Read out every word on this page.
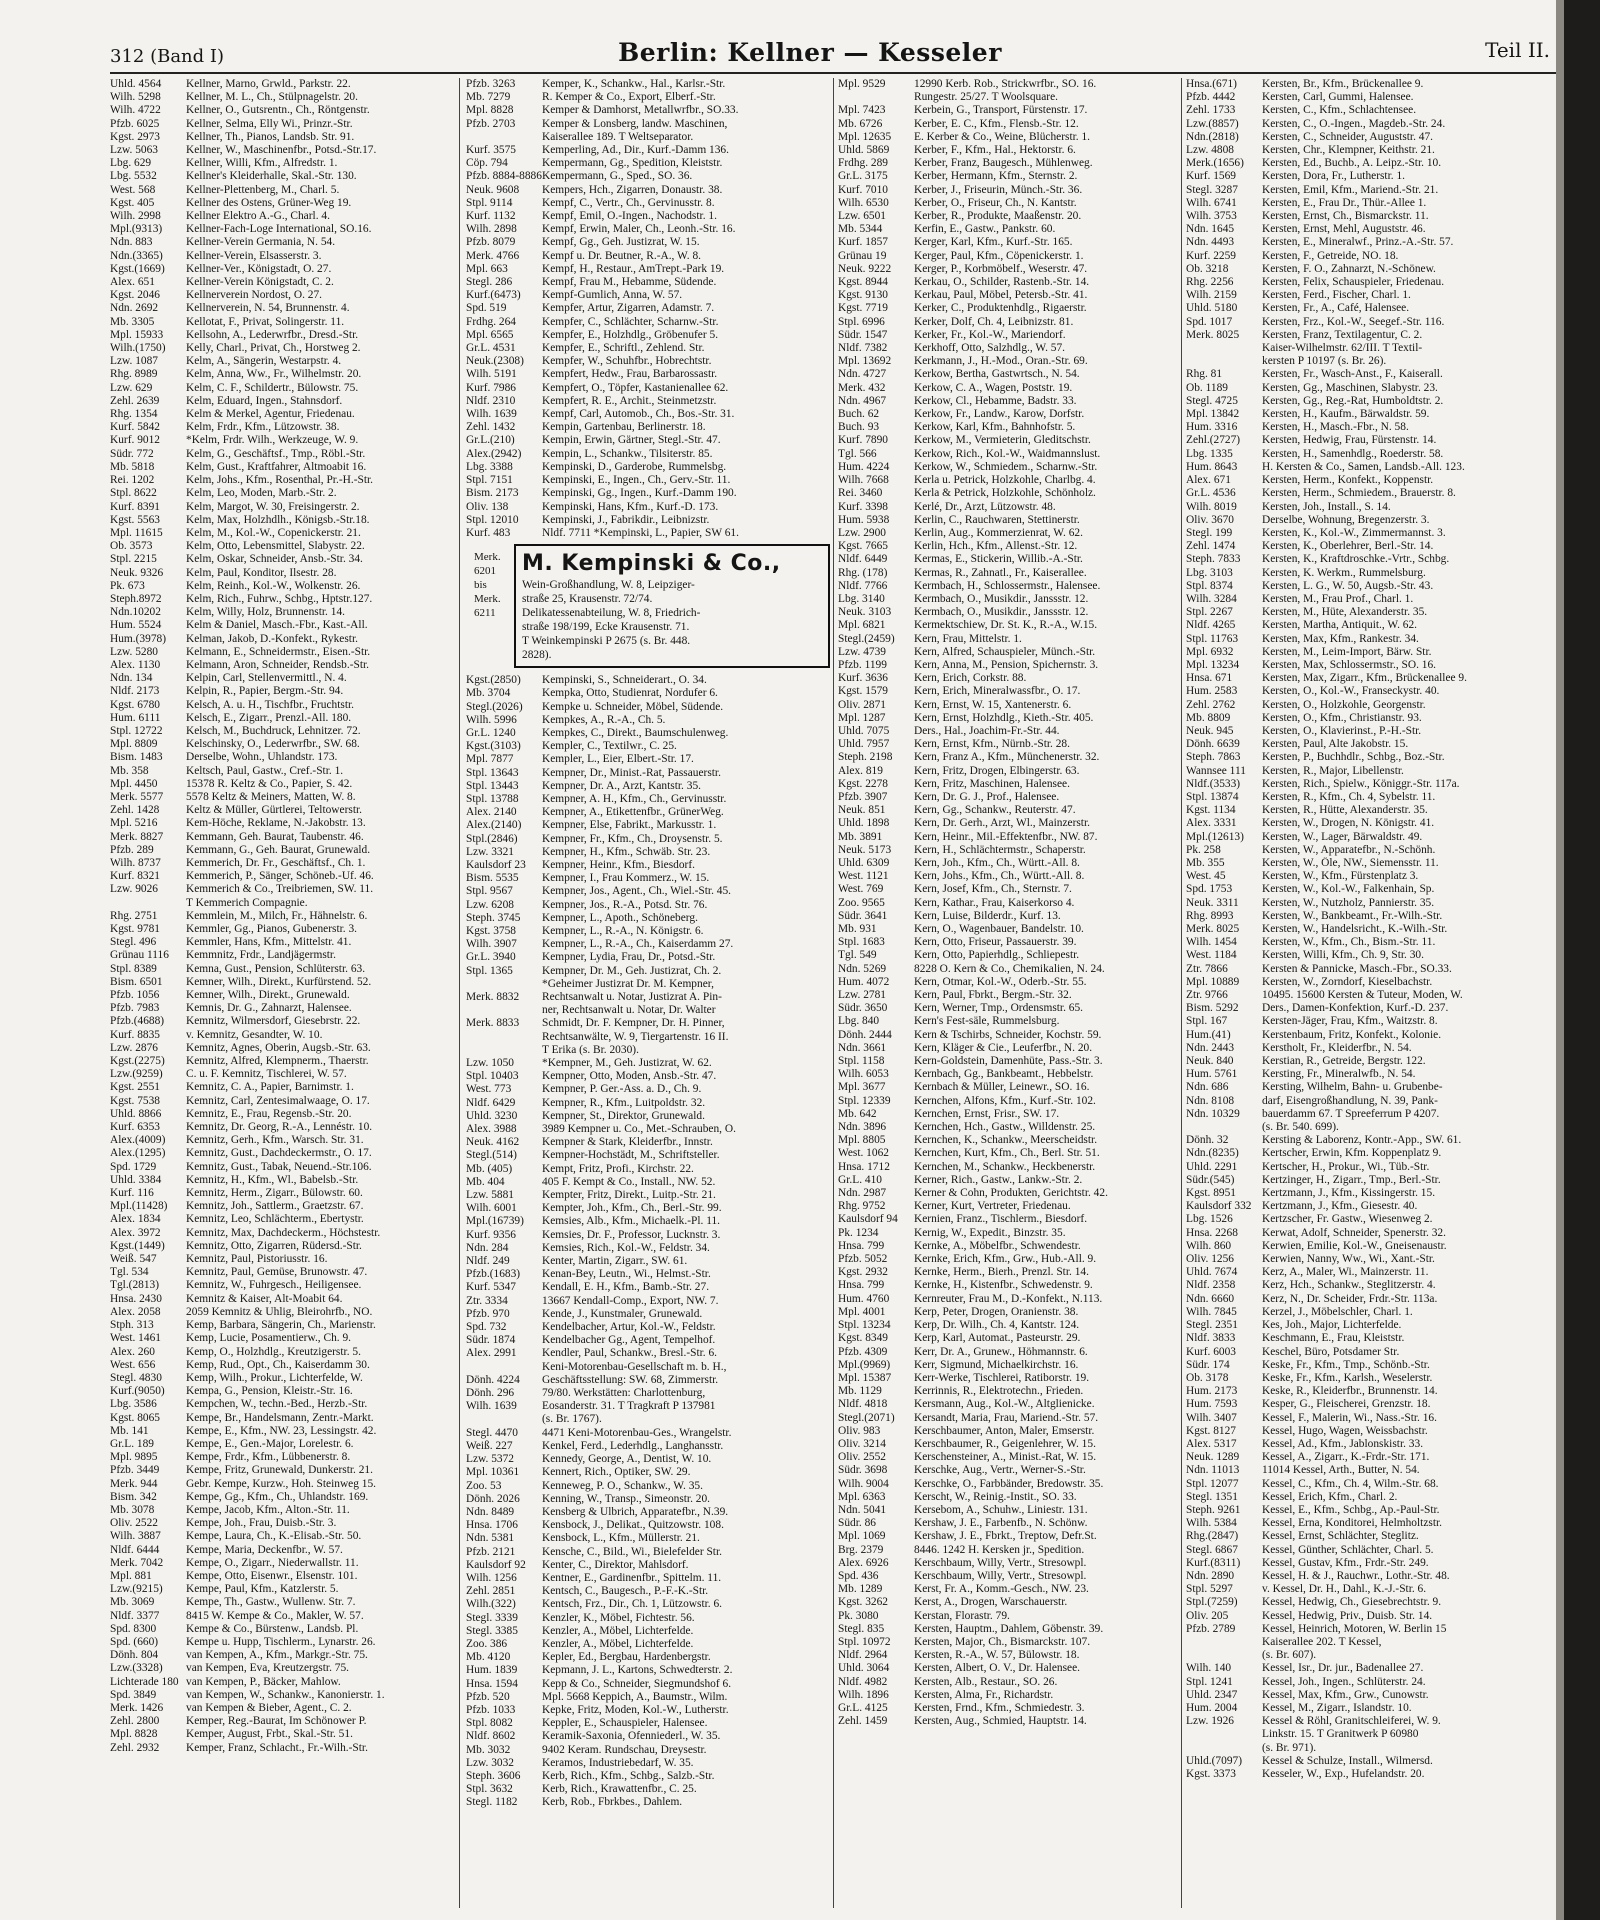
312 (Band I)	Berlin: Kellner — Kesseler	Teil II.
Uhld. 4564 Kellner, Marno, Grwld., Parkstr. 22.
Wilh. 5298 Kellner, M. L., Ch., Stülpnagelstr. 20.
Wilh. 4722 Kellner, O., Gutsrentn., Ch., Röntgenstr.
Pfzb. 6025 Kellner, Selma, Elly Wi., Prinzr.-Str.
Kgst. 2973 Kellner, Th., Pianos, Landsb. Str. 91.
Lzw. 5063 Kellner, W., Maschinenfbr., Potsd.-Str.17.
Lbg. 629	Kellner, Willi, Kfm., Alfredstr. 1.
Lbg. 5532	Kellner's Kleiderhalle, Skal.-Str. 130.
West. 568	Kellner-Plettenberg, M., Charl. 5.
Kgst. 405	Kellner des Ostens, Grüner-Weg 19.
Wilh. 2998 Kellner Elektro A.-G., Charl. 4.
Mpl.(9313) Kellner-Fach-Loge International, SO.16.
Ndn. 883	Kellner-Verein Germania, N. 54.
Ndn.(3365) Kellner-Verein, Elsasserstr. 3.
Kgst.(1669) Kellner-Ver., Königstadt, O. 27.
Alex. 651	Kellner-Verein Königstadt, C. 2.
Kgst. 2046 Kellnerverein Nordost, O. 27.
Ndn. 2692 Kellnerverein, N. 54, Brunnenstr. 4.
Mb. 3305	Kellotat, F., Privat, Solingerstr. 11.
Mpl. 15933 Kellsohn, A., Lederwrfbr., Dresd.-Str.
Wilh.(1750) Kelly, Charl., Privat, Ch., Horstweg 2.
Lzw. 1087 Kelm, A., Sängerin, Westarpstr. 4.
Rhg. 8989	Kelm, Anna, Ww., Fr., Wilhelmstr. 20.
Lzw. 629	Kelm, C. F., Schildertr., Bülowstr. 75.
Zehl. 2639 Kelm, Eduard, Ingen., Stahnsdorf.
Rhg. 1354	Kelm & Merkel, Agentur, Friedenau.
Kurf. 5842 Kelm, Frdr., Kfm., Lützowstr. 38.
Kurf. 9012 *Kelm, Frdr. Wilh., Werkzeuge, W. 9.
Südr. 772	Kelm, G., Geschäftsf., Tmp., Röbl.-Str.
Mb. 5818	Kelm, Gust., Kraftfahrer, Altmoabit 16.
Rei. 1202	Kelm, Johs., Kfm., Rosenthal, Pr.-H.-Str.
Stpl. 8622	Kelm, Leo, Moden, Marb.-Str. 2.
Kurf. 8391 Kelm, Margot, W. 30, Freisingerstr. 2.
Kgst. 5563 Kelm, Max, Holzhdlh., Königsb.-Str.18.
Mpl. 11615 Kelm, M., Kol.-W., Copenickerstr. 21.
Ob. 3573	Kelm, Otto, Lebensmittel, Slabystr. 22.
Stpl. 2215	Kelm, Oskar, Schneider, Ansb.-Str. 34.
Neuk. 9326 Kelm, Paul, Konditor, Ilsestr. 28.
Pk. 673	Kelm, Reinh., Kol.-W., Wolkenstr. 26.
Steph.8972 Kelm, Rich., Fuhrw., Schbg., Hptstr.127.
Ndn.10202 Kelm, Willy, Holz, Brunnenstr. 14.
Hum. 5524 Kelm & Daniel, Masch.-Fbr., Kast.-All.
Hum.(3978) Kelman, Jakob, D.-Konfekt., Rykestr.
Lzw. 5280 Kelmann, E., Schneidermstr., Eisen.-Str.
Alex. 1130 Kelmann, Aron, Schneider, Rendsb.-Str.
Ndn. 134	Kelpin, Carl, Stellenvermittl., N. 4.
Nldf. 2173 Kelpin, R., Papier, Bergm.-Str. 94.
Kgst. 6780 Kelsch, A. u. H., Tischfbr., Fruchtstr.
Hum. 6111 Kelsch, E., Zigarr., Prenzl.-All. 180.
Stpl. 12722 Kelsch, M., Buchdruck, Lehnitzer. 72.
Mpl. 8809	Kelschinsky, O., Lederwrfbr., SW. 68.
Bism. 1483 Derselbe, Wohn., Uhlandstr. 173.
Mb. 358	Keltsch, Paul, Gastw., Cref.-Str. 1.
Mpl. 4450	15378 R. Keltz & Co., Papier, S. 42.
Merk. 5577 5578 Keltz & Meiners, Matten, W. 8.
Zehl. 1428 Keltz & Müller, Gürtlerei, Teltowerstr.
Mpl. 5216	Kem-Höche, Reklame, N.-Jakobstr. 13.
Merk. 8827 Kemmann, Geh. Baurat, Taubenstr. 46.
Pfzb. 289	Kemmann, G., Geh. Baurat, Grunewald.
Wilh. 8737 Kemmerich, Dr. Fr., Geschäftsf., Ch. 1.
Kurf. 8321 Kemmerich, P., Sänger, Schöneb.-Uf. 46.
Lzw. 9026 Kemmerich & Co., Treibriemen, SW. 11.
T Kemmerich Compagnie.
Rhg. 2751	Kemmlein, M., Milch, Fr., Hähnelstr. 6.
Kgst. 9781 Kemmler, Gg., Pianos, Gubenerstr. 3.
Stegl. 496	Kemmler, Hans, Kfm., Mittelstr. 41.
Grünau 1116 Kemmnitz, Frdr., Landjägermstr.
Stpl. 8389	Kemna, Gust., Pension, Schlüterstr. 63.
Bism. 6501 Kemner, Wilh., Direkt., Kurfürstend. 52.
Pfzb. 1056 Kemner, Wilh., Direkt., Grunewald.
Pfzb. 7983 Kemnis, Dr. G., Zahnarzt, Halensee.
Pfzb.(4688) Kemnitz, Wilmersdorf, Giesebrstr. 22.
Kurf. 8835 v. Kemnitz, Gesandter, W. 10.
Lzw. 2876 Kemnitz, Agnes, Oberin, Augsb.-Str. 63.
Kgst.(2275) Kemnitz, Alfred, Klempnerm., Thaerstr.
Lzw.(9259) C. u. F. Kemnitz, Tischlerei, W. 57.
Kgst. 2551 Kemnitz, C. A., Papier, Barnimstr. 1.
Kgst. 7538 Kemnitz, Carl, Zentesimalwaage, O. 17.
Uhld. 8866 Kemnitz, E., Frau, Regensb.-Str. 20.
Kurf. 6353 Kemnitz, Dr. Georg, R.-A., Lennéstr. 10.
Alex.(4009) Kemnitz, Gerh., Kfm., Warsch. Str. 31.
Alex.(1295) Kemnitz, Gust., Dachdeckermstr., O. 17.
Spd. 1729	Kemnitz, Gust., Tabak, Neuend.-Str.106.
Uhld. 3384 Kemnitz, H., Kfm., Wl., Babelsb.-Str.
Kurf. 116	Kemnitz, Herm., Zigarr., Bülowstr. 60.
Mpl.(11428) Kemnitz, Joh., Sattlerm., Graetzstr. 67.
Alex. 1834 Kemnitz, Leo, Schlächterm., Ebertystr.
Alex. 3972 Kemnitz, Max, Dachdeckerm., Höchstestr.
Kgst.(1449) Kemnitz, Otto, Zigarren, Rüdersd.-Str.
Weiß. 547	Kemnitz, Paul, Pistoriusstr. 16.
Tgl. 534	Kemnitz, Paul, Gemüse, Brunowstr. 47.
Tgl.(2813) Kemnitz, W., Fuhrgesch., Heiligensee.
Hnsa. 2430 Kemnitz & Kaiser, Alt-Moabit 64.
Alex. 2058 2059 Kemnitz & Uhlig, Bleirohrfb., NO.
Stph. 313	Kemp, Barbara, Sängerin, Ch., Marienstr.
West. 1461 Kemp, Lucie, Posamentierw., Ch. 9.
Alex. 260	Kemp, O., Holzhdlg., Kreutzigerstr. 5.
West. 656	Kemp, Rud., Opt., Ch., Kaiserdamm 30.
Stegl. 4830 Kemp, Wilh., Prokur., Lichterfelde, W.
Kurf.(9050) Kempa, G., Pension, Kleistr.-Str. 16.
Lbg. 3586	Kempchen, W., techn.-Bed., Herzb.-Str.
Kgst. 8065 Kempe, Br., Handelsmann, Zentr.-Markt.
Mb. 141	Kempe, E., Kfm., NW. 23, Lessingstr. 42.
Gr.L. 189	Kempe, E., Gen.-Major, Lorelestr. 6.
Mpl. 9895	Kempe, Frdr., Kfm., Lübbenerstr. 8.
Pfzb. 3449 Kempe, Fritz, Grunewald, Dunkerstr. 21.
Merk. 944	Gebr. Kempe, Kurzw., Hoh. Steinweg 15.
Bism. 342	Kempe, Gg., Kfm., Ch., Uhlandstr. 169.
Mb. 3078	Kempe, Jacob, Kfm., Alton.-Str. 11.
Oliv. 2522 Kempe, Joh., Frau, Duisb.-Str. 3.
Wilh. 3887 Kempe, Laura, Ch., K.-Elisab.-Str. 50.
Nldf. 6444 Kempe, Maria, Deckenfbr., W. 57.
Merk. 7042 Kempe, O., Zigarr., Niederwallstr. 11.
Mpl. 881	Kempe, Otto, Eisenwr., Elsenstr. 101.
Lzw.(9215) Kempe, Paul, Kfm., Katzlerstr. 5.
Mb. 3069	Kempe, Th., Gastw., Wullenw. Str. 7.
Nldf. 3377 8415 W. Kempe & Co., Makler, W. 57.
Spd. 8300	Kempe & Co., Bürstenw., Landsb. Pl.
Spd. (660) Kempe u. Hupp, Tischlerm., Lynarstr. 26.
Dönh. 804 van Kempen, A., Kfm., Markgr.-Str. 75.
Lzw.(3328) van Kempen, Eva, Kreutzergstr. 75.
Lichterade 180 van Kempen, P., Bäcker, Mahlow.
Spd. 3849	van Kempen, W., Schankw., Kanonierstr. 1.
Merk. 1426 van Kempen & Bieber, Agent., C. 2.
Zehl. 2800 Kemper, Reg.-Baurat, Im Schönower P.
Mpl. 8828	Kemper, August, Frbt., Skal.-Str. 51.
Zehl. 2932 Kemper, Franz, Schlacht., Fr.-Wilh.-Str.
Pfzb. 3263 Kemper, K., Schankw., Hal., Karlsr.-Str.
Mb. 7279	R. Kemper & Co., Export, Elberf.-Str.
Mpl. 8828	Kemper & Damhorst, Metallwrfbr., SO.33.
Pfzb. 2703 Kemper & Lonsberg, landw. Maschinen,
Kaiserallee 189. T Weltseparator.
Kurf. 3575 Kemperling, Ad., Dir., Kurf.-Damm 136.
Cöp. 794	Kempermann, Gg., Spedition, Kleiststr.
Pfzb. 8884-8886Kempermann, G., Sped., SO. 36.
Neuk. 9608 Kempers, Hch., Zigarren, Donaustr. 38.
Stpl. 9114	Kempf, C., Vertr., Ch., Gervinusstr. 8.
Kurf. 1132 Kempf, Emil, O.-Ingen., Nachodstr. 1.
Wilh. 2898 Kempf, Erwin, Maler, Ch., Leonh.-Str. 16.
Pfzb. 8079 Kempf, Gg., Geh. Justizrat, W. 15.
Merk. 4766 Kempf u. Dr. Beutner, R.-A., W. 8.
Mpl. 663	Kempf, H., Restaur., AmTrept.-Park 19.
Stegl. 286	Kempf, Frau M., Hebamme, Südende.
Kurf.(6473) Kempf-Gumlich, Anna, W. 57.
Spd. 519	Kempfer, Artur, Zigarren, Adamstr. 7.
Frdhg. 264 Kempfer, C., Schlächter, Scharnw.-Str.
Mpl. 6565	Kempfer, E., Holzhdlg., Gröbenufer 5.
Gr.L. 4531 Kempfer, E., Schriftl., Zehlend. Str.
Neuk.(2308) Kempfer, W., Schuhfbr., Hobrechtstr.
Wilh. 5191 Kempfert, Hedw., Frau, Barbarossastr.
Kurf. 7986 Kempfert, O., Töpfer, Kastanienallee 62.
Nldf. 2310 Kempfert, R. E., Archit., Steinmetzstr.
Wilh. 1639 Kempf, Carl, Automob., Ch., Bos.-Str. 31.
Zehl. 1432 Kempin, Gartenbau, Berlinerstr. 18.
Gr.L.(210) Kempin, Erwin, Gärtner, Stegl.-Str. 47.
Alex.(2942) Kempin, L., Schankw., Tilsiterstr. 85.
Lbg. 3388	Kempinski, D., Garderobe, Rummelsbg.
Stpl. 7151	Kempinski, E., Ingen., Ch., Gerv.-Str. 11.
Bism. 2173 Kempinski, Gg., Ingen., Kurf.-Damm 190.
Oliv. 138	Kempinski, Hans, Kfm., Kurf.-D. 173.
Stpl. 12010 Kempinski, J., Fabrikdir., Leibnizstr.
Kurf. 483	Nldf. 7711 *Kempinski, L., Papier, SW 61.
Merk. 6201
bis
Merk. 6211
M. Kempinski & Co.,
Wein-Großhandlung, W. 8, Leipziger-
straße 25, Krausenstr. 72/74.
Delikatessenabteilung, W. 8, Friedrich-
straße 198/199, Ecke Krausenstr. 71.
T Weinkempinski P 2675 (s. Br. 448.
2828).
Kgst.(2850) Kempinski, S., Schneiderart., O. 34.
Mb. 3704	Kempka, Otto, Studienrat, Nordufer 6.
Stegl.(2026) Kempke u. Schneider, Möbel, Südende.
Wilh. 5996 Kempkes, A., R.-A., Ch. 5.
Gr.L. 1240 Kempkes, C., Direkt., Baumschulenweg.
Kgst.(3103) Kempler, C., Textilwr., C. 25.
Mpl. 7877	Kempler, L., Eier, Elbert.-Str. 17.
Stpl. 13643 Kempner, Dr., Minist.-Rat, Passauerstr.
Stpl. 13443 Kempner, Dr. A., Arzt, Kantstr. 35.
Stpl. 13788 Kempner, A. H., Kfm., Ch., Gervinusstr.
Alex. 2140 Kempner, A., Etikettenfbr., GrünerWeg.
Alex.(2140) Kempner, Else, Fabrikt., Markusstr. 1.
Stpl.(2846) Kempner, Fr., Kfm., Ch., Droysenstr. 5.
Lzw. 3321 Kempner, H., Kfm., Schwäb. Str. 23.
Kaulsdorf 23 Kempner, Heinr., Kfm., Biesdorf.
Bism. 5535 Kempner, I., Frau Kommerz., W. 15.
Stpl. 9567	Kempner, Jos., Agent., Ch., Wiel.-Str. 45.
Lzw. 6208 Kempner, Jos., R.-A., Potsd. Str. 76.
Steph. 3745 Kempner, L., Apoth., Schöneberg.
Kgst. 3758 Kempner, L., R.-A., N. Königstr. 6.
Wilh. 3907 Kempner, L., R.-A., Ch., Kaiserdamm 27.
Gr.L. 3940 Kempner, Lydia, Frau, Dr., Potsd.-Str.
Stpl. 1365	Kempner, Dr. M., Geh. Justizrat, Ch. 2.
*Geheimer Justizrat Dr. M. Kempner,
Merk. 8832 Rechtsanwalt u. Notar, Justizrat A. Pin-
ner, Rechtsanwalt u. Notar, Dr. Walter
Merk. 8833 Schmidt, Dr. F. Kempner, Dr. H. Pinner,
Rechtsanwälte, W. 9, Tiergartenstr. 16 II.
T Erika (s. Br. 2030).
Lzw. 1050 *Kempner, M., Geh. Justizrat, W. 62.
Stpl. 10403 Kempner, Otto, Moden, Ansb.-Str. 47.
West. 773	Kempner, P. Ger.-Ass. a. D., Ch. 9.
Nldf. 6429 Kempner, R., Kfm., Luitpoldstr. 32.
Uhld. 3230 Kempner, St., Direktor, Grunewald.
Alex. 3988 3989 Kempner u. Co., Met.-Schrauben, O.
Neuk. 4162 Kempner & Stark, Kleiderfbr., Innstr.
Stegl.(514) Kempner-Hochstädt, M., Schriftsteller.
Mb. (405)	Kempt, Fritz, Profi., Kirchstr. 22.
Mb. 404	405 F. Kempt & Co., Install., NW. 52.
Lzw. 5881 Kempter, Fritz, Direkt., Luitp.-Str. 21.
Wilh. 6001 Kempter, Joh., Kfm., Ch., Berl.-Str. 99.
Mpl.(16739) Kemsies, Alb., Kfm., Michaelk.-Pl. 11.
Kurf. 9356 Kemsies, Dr. F., Professor, Lucknstr. 3.
Ndn. 284	Kemsies, Rich., Kol.-W., Feldstr. 34.
Nldf. 249	Kenter, Martin, Zigarr., SW. 61.
Pfzb.(1683) Kenan-Bey, Leutn., Wi., Helmst.-Str.
Kurf. 5347 Kendall, E. H., Kfm., Bamb.-Str. 27.
Ztr. 3334	13667 Kendall-Comp., Export, NW. 7.
Pfzb. 970	Kende, J., Kunstmaler, Grunewald.
Spd. 732	Kendelbacher, Artur, Kol.-W., Feldstr.
Südr. 1874 Kendelbacher Gg., Agent, Tempelhof.
Alex. 2991 Kendler, Paul, Schankw., Bresl.-Str. 6.
Keni-Motorenbau-Gesellschaft m. b. H.,
Dönh. 4224 Geschäftsstellung: SW. 68, Zimmerstr.
Dönh. 296 79/80. Werkstätten: Charlottenburg,
Wilh. 1639 Eosanderstr. 31. T Tragkraft P 137981
(s. Br. 1767).
Stegl. 4470 4471 Keni-Motorenbau-Ges., Wrangelstr.
Weiß. 227	Kenkel, Ferd., Lederhdlg., Langhansstr.
Lzw. 5372 Kennedy, George, A., Dentist, W. 10.
Mpl. 10361 Kennert, Rich., Optiker, SW. 29.
Zoo. 53	Kenneweg, P. O., Schankw., W. 35.
Dönh. 2026 Kenning, W., Transp., Simeonstr. 20.
Ndn. 8489 Kensberg & Ulbrich, Apparatefbr., N.39.
Hnsa. 1706 Kensbock, J., Delikat., Quitzowstr. 108.
Ndn. 5381 Kensbock, L., Kfm., Müllerstr. 21.
Pfzb. 2121 Kensche, C., Bild., Wi., Bielefelder Str.
Kaulsdorf 92 Kenter, C., Direktor, Mahlsdorf.
Wilh. 1256 Kentner, E., Gardinenfbr., Spittelm. 11.
Zehl. 2851 Kentsch, C., Baugesch., P.-F.-K.-Str.
Wilh.(322) Kentsch, Frz., Dir., Ch. 1, Lützowstr. 6.
Stegl. 3339 Kenzler, K., Möbel, Fichtestr. 56.
Stegl. 3385 Kenzler, A., Möbel, Lichterfelde.
Zoo. 386	Kenzler, A., Möbel, Lichterfelde.
Mb. 4120	Kepler, Ed., Bergbau, Hardenbergstr.
Hum. 1839 Kepmann, J. L., Kartons, Schwedterstr. 2.
Hnsa. 1594 Kepp & Co., Schneider, Siegmundshof 6.
Pfzb. 520	Mpl. 5668 Keppich, A., Baumstr., Wilm.
Pfzb. 1033 Kepke, Fritz, Moden, Kol.-W., Lutherstr.
Stpl. 8082	Keppler, E., Schauspieler, Halensee.
Nldf. 8602 Keramik-Saxonia, Ofenniederl., W. 35.
Mb. 3032	9402 Keram. Rundschau, Dreysestr.
Lzw. 3032 Keramos, Industriebedarf, W. 35.
Steph. 3606 Kerb, Rich., Kfm., Schbg., Salzb.-Str.
Stpl. 3632	Kerb, Rich., Krawattenfbr., C. 25.
Stegl. 1182 Kerb, Rob., Fbrkbes., Dahlem.
Mpl. 9529	12990 Kerb. Rob., Strickwrfbr., SO. 16.
Rungestr. 25/27. T Woolsquare.
Mpl. 7423	Kerbein, G., Transport, Fürstenstr. 17.
Mb. 6726	Kerber, E. C., Kfm., Flensb.-Str. 12.
Mpl. 12635 E. Kerber & Co., Weine, Blücherstr. 1.
Uhld. 5869 Kerber, F., Kfm., Hal., Hektorstr. 6.
Frdhg. 289 Kerber, Franz, Baugesch., Mühlenweg.
Gr.L. 3175 Kerber, Hermann, Kfm., Sternstr. 2.
Kurf. 7010 Kerber, J., Friseurin, Münch.-Str. 36.
Wilh. 6530 Kerber, O., Friseur, Ch., N. Kantstr.
Lzw. 6501 Kerber, R., Produkte, Maaßenstr. 20.
Mb. 5344	Kerfin, E., Gastw., Pankstr. 60.
Kurf. 1857 Kerger, Karl, Kfm., Kurf.-Str. 165.
Grünau 19 Kerger, Paul, Kfm., Cöpenickerstr. 1.
Neuk. 9222 Kerger, P., Korbmöbelf., Weserstr. 47.
Kgst. 8944 Kerkau, O., Schilder, Rastenb.-Str. 14.
Kgst. 9130 Kerkau, Paul, Möbel, Petersb.-Str. 41.
Kgst. 7719 Kerker, C., Produktenhdlg., Rigaerstr.
Stpl. 6996	Kerker, Dolf, Ch. 4, Leibnizstr. 81.
Südr. 1547 Kerker, Fr., Kol.-W., Mariendorf.
Nldf. 7382 Kerkhoff, Otto, Salzhdlg., W. 57.
Mpl. 13692 Kerkmann, J., H.-Mod., Oran.-Str. 69.
Ndn. 4727 Kerkow, Bertha, Gastwrtsch., N. 54.
Merk. 432	Kerkow, C. A., Wagen, Poststr. 19.
Ndn. 4967 Kerkow, Cl., Hebamme, Badstr. 33.
Buch. 62	Kerkow, Fr., Landw., Karow, Dorfstr.
Buch. 93	Kerkow, Karl, Kfm., Bahnhofstr. 5.
Kurf. 7890 Kerkow, M., Vermieterin, Gleditschstr.
Tgl. 566	Kerkow, Rich., Kol.-W., Waidmannslust.
Hum. 4224 Kerkow, W., Schmiedem., Scharnw.-Str.
Wilh. 7668 Kerla u. Petrick, Holzkohle, Charlbg. 4.
Rei. 3460	Kerla & Petrick, Holzkohle, Schönholz.
Kurf. 3398 Kerlé, Dr., Arzt, Lützowstr. 48.
Hum. 5938 Kerlin, C., Rauchwaren, Stettinerstr.
Lzw. 2900 Kerlin, Aug., Kommerzienrat, W. 62.
Kgst. 7665 Kerlin, Hch., Kfm., Allenst.-Str. 12.
Nldf. 6449 Kermas, E., Stickerin, Willib.-A.-Str.
Rhg. (178) Kermas, R., Zahnatl., Fr., Kaiserallee.
Nldf. 7766 Kermbach, H., Schlossermstr., Halensee.
Lbg. 3140	Kermbach, O., Musikdir., Janssstr. 12.
Neuk. 3103 Kermbach, O., Musikdir., Janssstr. 12.
Mpl. 6821	Kermektschiew, Dr. St. K., R.-A., W.15.
Stegl.(2459) Kern, Frau, Mittelstr. 1.
Lzw. 4739 Kern, Alfred, Schauspieler, Münch.-Str.
Pfzb. 1199 Kern, Anna, M., Pension, Spichernstr. 3.
Kurf. 3636 Kern, Erich, Corkstr. 88.
Kgst. 1579 Kern, Erich, Mineralwassfbr., O. 17.
Oliv. 2871 Kern, Ernst, W. 15, Xantenerstr. 6.
Mpl. 1287	Kern, Ernst, Holzhdlg., Kieth.-Str. 405.
Uhld. 7075 Ders., Hal., Joachim-Fr.-Str. 44.
Uhld. 7957 Kern, Ernst, Kfm., Nürnb.-Str. 28.
Steph. 2198 Kern, Franz A., Kfm., Münchenerstr. 32.
Alex. 819	Kern, Fritz, Drogen, Elbingerstr. 63.
Kgst. 2278 Kern, Fritz, Maschinen, Halensee.
Pfzb. 3907 Kern, Dr. G. J., Prof., Halensee.
Neuk. 851	Kern, Gg., Schankw., Reuterstr. 47.
Uhld. 1898 Kern, Dr. Gerh., Arzt, Wl., Mainzerstr.
Mb. 3891	Kern, Heinr., Mil.-Effektenfbr., NW. 87.
Neuk. 5173 Kern, H., Schlächtermstr., Schaperstr.
Uhld. 6309 Kern, Joh., Kfm., Ch., Württ.-All. 8.
West. 1121 Kern, Johs., Kfm., Ch., Württ.-All. 8.
West. 769	Kern, Josef, Kfm., Ch., Sternstr. 7.
Zoo. 9565	Kern, Kathar., Frau, Kaiserkorso 4.
Südr. 3641 Kern, Luise, Bilderdr., Kurf. 13.
Mb. 931	Kern, O., Wagenbauer, Bandelstr. 10.
Stpl. 1683	Kern, Otto, Friseur, Passauerstr. 39.
Tgl. 549	Kern, Otto, Papierhdlg., Schliepestr.
Ndn. 5269 8228 O. Kern & Co., Chemikalien, N. 24.
Hum. 4072 Kern, Otmar, Kol.-W., Oderb.-Str. 55.
Lzw. 2781 Kern, Paul, Fbrkt., Bergm.-Str. 32.
Südr. 3650 Kern, Werner, Tmp., Ordensmstr. 65.
Lbg. 840	Kern's Fest-säle, Rummelsburg.
Dönh. 2444 Kern & Tschirbs, Schneider, Kochstr. 59.
Ndn. 3661 Kern, Kläger & Cie., Leuferfbr., N. 20.
Stpl. 1158	Kern-Goldstein, Damenhüte, Pass.-Str. 3.
Wilh. 6053 Kernbach, Gg., Bankbeamt., Hebbelstr.
Mpl. 3677	Kernbach & Müller, Leinewr., SO. 16.
Stpl. 12339 Kernchen, Alfons, Kfm., Kurf.-Str. 102.
Mb. 642	Kernchen, Ernst, Frisr., SW. 17.
Ndn. 3896 Kernchen, Hch., Gastw., Willdenstr. 25.
Mpl. 8805	Kernchen, K., Schankw., Meerscheidstr.
West. 1062 Kernchen, Kurt, Kfm., Ch., Berl. Str. 51.
Hnsa. 1712 Kernchen, M., Schankw., Heckbenerstr.
Gr.L. 410	Kerner, Rich., Gastw., Lankw.-Str. 2.
Ndn. 2987 Kerner & Cohn, Produkten, Gerichtstr. 42.
Rhg. 9752	Kerner, Kurt, Vertreter, Friedenau.
Kaulsdorf 94 Kernien, Franz., Tischlerm., Biesdorf.
Pk. 1234	Kernig, W., Expedit., Binzstr. 35.
Hnsa. 799	Kernke, A., Möbelfbr., Schwendestr.
Pfzb. 5052 Kernke, Erich, Kfm., Grw., Hub.-All. 9.
Kgst. 2932 Kernke, Herm., Bierh., Prenzl. Str. 14.
Hnsa. 799	Kernke, H., Kistenfbr., Schwedenstr. 9.
Hum. 4760 Kernreuter, Frau M., D.-Konfekt., N.113.
Mpl. 4001	Kerp, Peter, Drogen, Oranienstr. 38.
Stpl. 13234 Kerp, Dr. Wilh., Ch. 4, Kantstr. 124.
Kgst. 8349 Kerp, Karl, Automat., Pasteurstr. 29.
Pfzb. 4309 Kerr, Dr. A., Grunew., Höhmannstr. 6.
Mpl.(9969) Kerr, Sigmund, Michaelkirchstr. 16.
Mpl. 15387 Kerr-Werke, Tischlerei, Ratiborstr. 19.
Mb. 1129	Kerrinnis, R., Elektrotechn., Frieden.
Nldf. 4818 Kersmann, Aug., Kol.-W., Altglienicke.
Stegl.(2071) Kersandt, Maria, Frau, Mariend.-Str. 57.
Oliv. 983	Kerschbaumer, Anton, Maler, Emserstr.
Oliv. 3214 Kerschbaumer, R., Geigenlehrer, W. 15.
Oliv. 2552 Kerschensteiner, A., Minist.-Rat, W. 15.
Südr. 3698 Kerschke, Aug., Vertr., Werner-S.-Str.
Wilh. 9004 Kerschke, O., Farbbänder, Bredowstr. 35.
Mpl. 6363	Kerscht, W., Reinig.-Instit., SO. 33.
Ndn. 5041 Kersebom, A., Schuhw., Liniestr. 131.
Südr. 86	Kershaw, J. E., Farbenfb., N. Schönw.
Mpl. 1069	Kershaw, J. E., Fbrkt., Treptow, Defr.St.
Brg. 2379	8446. 1242 H. Kersken jr., Spedition.
Alex. 6926 Kerschbaum, Willy, Vertr., Stresowpl.
Spd. 436	Kerschbaum, Willy, Vertr., Stresowpl.
Mb. 1289	Kerst, Fr. A., Komm.-Gesch., NW. 23.
Kgst. 3262 Kerst, A., Drogen, Warschauerstr.
Pk. 3080	Kerstan, Florastr. 79.
Stegl. 835	Kersten, Hauptm., Dahlem, Göbenstr. 39.
Stpl. 10972 Kersten, Major, Ch., Bismarckstr. 107.
Nldf. 2964 Kersten, R.-A., W. 57, Bülowstr. 18.
Uhld. 3064 Kersten, Albert, O. V., Dr. Halensee.
Nldf. 4982 Kersten, Alb., Restaur., SO. 26.
Wilh. 1896 Kersten, Alma, Fr., Richardstr.
Gr.L. 4125 Kersten, Frnd., Kfm., Schmiedestr. 3.
Zehl. 1459 Kersten, Aug., Schmied, Hauptstr. 14.
Hnsa.(671) Kersten, Br., Kfm., Brückenallee 9.
Pfzb. 4442 Kersten, Carl, Gummi, Halensee.
Zehl. 1733 Kersten, C., Kfm., Schlachtensee.
Lzw.(8857) Kersten, C., O.-Ingen., Magdeb.-Str. 24.
Ndn.(2818) Kersten, C., Schneider, Auguststr. 47.
Lzw. 4808 Kersten, Chr., Klempner, Keithstr. 21.
Merk.(1656) Kersten, Ed., Buchb., A. Leipz.-Str. 10.
Kurf. 1569 Kersten, Dora, Fr., Lutherstr. 1.
Stegl. 3287 Kersten, Emil, Kfm., Mariend.-Str. 21.
Wilh. 6741 Kersten, E., Frau Dr., Thür.-Allee 1.
Wilh. 3753 Kersten, Ernst, Ch., Bismarckstr. 11.
Ndn. 1645 Kersten, Ernst, Mehl, Auguststr. 46.
Ndn. 4493 Kersten, E., Mineralwf., Prinz.-A.-Str. 57.
Kurf. 2259 Kersten, F., Getreide, NO. 18.
Ob. 3218	Kersten, F. O., Zahnarzt, N.-Schönew.
Rhg. 2256	Kersten, Felix, Schauspieler, Friedenau.
Wilh. 2159 Kersten, Ferd., Fischer, Charl. 1.
Uhld. 5180 Kersten, Fr., A., Café, Halensee.
Spd. 1017	Kersten, Frz., Kol.-W., Seegef.-Str. 116.
Merk. 8025 Kersten, Franz, Textilagentur, C. 2.
Kaiser-Wilhelmstr. 62/III. T Textil-
kersten P 10197 (s. Br. 26).
Rhg. 81	Kersten, Fr., Wasch-Anst., F., Kaiserall.
Ob. 1189	Kersten, Gg., Maschinen, Slabystr. 23.
Stegl. 4725 Kersten, Gg., Reg.-Rat, Humboldtstr. 2.
Mpl. 13842 Kersten, H., Kaufm., Bärwaldstr. 59.
Hum. 3316 Kersten, H., Masch.-Fbr., N. 58.
Zehl.(2727) Kersten, Hedwig, Frau, Fürstenstr. 14.
Lbg. 1335	Kersten, H., Samenhdlg., Roederstr. 58.
Hum. 8643 H. Kersten & Co., Samen, Landsb.-All. 123.
Alex. 671	Kersten, Herm., Konfekt., Koppenstr.
Gr.L. 4536 Kersten, Herm., Schmiedem., Brauerstr. 8.
Wilh. 8019 Kersten, Joh., Install., S. 14.
Oliv. 3670 Derselbe, Wohnung, Bregenzerstr. 3.
Stegl. 199	Kersten, K., Kol.-W., Zimmermannst. 3.
Zehl. 1474 Kersten, K., Oberlehrer, Berl.-Str. 14.
Steph. 7833 Kersten, K., Kraftdroschke.-Vrtr., Schbg.
Lbg. 3103	Kersten, K. Werkm., Rummelsburg.
Stpl. 8374	Kersten, L. G., W. 50, Augsb.-Str. 43.
Wilh. 3284 Kersten, M., Frau Prof., Charl. 1.
Stpl. 2267	Kersten, M., Hüte, Alexanderstr. 35.
Nldf. 4265 Kersten, Martha, Antiquit., W. 62.
Stpl. 11763 Kersten, Max, Kfm., Rankestr. 34.
Mpl. 6932	Kersten, M., Leim-Import, Bärw. Str.
Mpl. 13234 Kersten, Max, Schlossermstr., SO. 16.
Hnsa. 671	Kersten, Max, Zigarr., Kfm., Brückenallee 9.
Hum. 2583 Kersten, O., Kol.-W., Franseckystr. 40.
Zehl. 2762 Kersten, O., Holzkohle, Georgenstr.
Mb. 8809	Kersten, O., Kfm., Christianstr. 93.
Neuk. 945	Kersten, O., Klavierinst., P.-H.-Str.
Dönh. 6639 Kersten, Paul, Alte Jakobstr. 15.
Steph. 7863 Kersten, P., Buchhdlr., Schbg., Boz.-Str.
Wannsee 111 Kersten, R., Major, Libellenstr.
Nldf.(3533) Kersten, Rich., Spielw., Königgr.-Str. 117a.
Stpl. 13874 Kersten, R., Kfm., Ch. 4, Sybelstr. 11.
Kgst. 1134 Kersten, R., Hütte, Alexanderstr. 35.
Alex. 3331 Kersten, W., Drogen, N. Königstr. 41.
Mpl.(12613) Kersten, W., Lager, Bärwaldstr. 49.
Pk. 258	Kersten, W., Apparatefbr., N.-Schönh.
Mb. 355	Kersten, W., Öle, NW., Siemensstr. 11.
West. 45	Kersten, W., Kfm., Fürstenplatz 3.
Spd. 1753	Kersten, W., Kol.-W., Falkenhain, Sp.
Neuk. 3311 Kersten, W., Nutzholz, Pannierstr. 35.
Rhg. 8993	Kersten, W., Bankbeamt., Fr.-Wilh.-Str.
Merk. 8025 Kersten, W., Handelsricht., K.-Wilh.-Str.
Wilh. 1454 Kersten, W., Kfm., Ch., Bism.-Str. 11.
West. 1184 Kersten, Willi, Kfm., Ch. 9, Str. 30.
Ztr. 7866	Kersten & Pannicke, Masch.-Fbr., SO.33.
Mpl. 10889 Kersten, W., Zorndorf, Kieselbachstr.
Ztr. 9766	10495. 15600 Kersten & Tuteur, Moden, W.
Bism. 5292 Ders., Damen-Konfektion, Kurf.-D. 237.
Stpl. 167	Kersten-Jäger, Frau, Kfm., Waitzstr. 8.
Hum.(41)	Kerstenbaum, Fritz, Konfekt., Kolonie.
Ndn. 2443 Kerstholt, Fr., Kleiderfbr., N. 54.
Neuk. 840	Kerstian, R., Getreide, Bergstr. 122.
Hum. 5761 Kersting, Fr., Mineralwfb., N. 54.
Ndn. 686	Kersting, Wilhelm, Bahn- u. Grubenbe-
Ndn. 8108 darf, Eisengroßhandlung, N. 39, Pank-
Ndn. 10329 bauerdamm 67. T Spreeferrum P 4207.
(s. Br. 540. 699).
Dönh. 32	Kersting & Laborenz, Kontr.-App., SW. 61.
Ndn.(8235) Kertscher, Erwin, Kfm. Koppenplatz 9.
Uhld. 2291 Kertscher, H., Prokur., Wi., Tüb.-Str.
Südr.(545) Kertzinger, H., Zigarr., Tmp., Berl.-Str.
Kgst. 8951 Kertzmann, J., Kfm., Kissingerstr. 15.
Kaulsdorf 332 Kertzmann, J., Kfm., Giesestr. 40.
Lbg. 1526	Kertzscher, Fr. Gastw., Wiesenweg 2.
Hnsa. 2268 Kerwat, Adolf, Schneider, Spenerstr. 32.
Wilh. 860	Kerwien, Emilie, Kol.-W., Gneisenaustr.
Oliv. 1256 Kerwien, Nanny, Ww., Wi., Xant.-Str.
Uhld. 7674 Kerz, A., Maler, Wi., Mainzerstr. 11.
Nldf. 2358 Kerz, Hch., Schankw., Steglitzerstr. 4.
Ndn. 6660 Kerz, N., Dr. Scheider, Frdr.-Str. 113a.
Wilh. 7845 Kerzel, J., Möbelschler, Charl. 1.
Stegl. 2351 Kes, Joh., Major, Lichterfelde.
Nldf. 3833 Keschmann, E., Frau, Kleiststr.
Kurf. 6003 Keschel, Büro, Potsdamer Str.
Südr. 174	Keske, Fr., Kfm., Tmp., Schönb.-Str.
Ob. 3178	Keske, Fr., Kfm., Karlsh., Weselerstr.
Hum. 2173 Keske, R., Kleiderfbr., Brunnenstr. 14.
Hum. 7593 Kesper, G., Fleischerei, Grenzstr. 18.
Wilh. 3407 Kessel, F., Malerin, Wi., Nass.-Str. 16.
Kgst. 8127 Kessel, Hugo, Wagen, Weissbachstr.
Alex. 5317 Kessel, Ad., Kfm., Jablonskistr. 33.
Neuk. 1289 Kessel, A., Zigarr., K.-Frdr.-Str. 171.
Ndn. 11013 11014 Kessel, Arth., Butter, N. 54.
Stpl. 12077 Kessel, C., Kfm., Ch. 4, Wilm.-Str. 68.
Stegl. 1351 Kessel, Erich, Kfm., Charl. 2.
Steph. 9261 Kessel, E., Kfm., Schbg., Ap.-Paul-Str.
Wilh. 5384 Kessel, Erna, Konditorei, Helmholtzstr.
Rhg.(2847) Kessel, Ernst, Schlächter, Steglitz.
Stegl. 6867 Kessel, Günther, Schlächter, Charl. 5.
Kurf.(8311) Kessel, Gustav, Kfm., Frdr.-Str. 249.
Ndn. 2890 Kessel, H. & J., Rauchwr., Lothr.-Str. 48.
Stpl. 5297	v. Kessel, Dr. H., Dahl., K.-J.-Str. 6.
Stpl.(7259) Kessel, Hedwig, Ch., Giesebrechtstr. 9.
Oliv. 205	Kessel, Hedwig, Priv., Duisb. Str. 14.
Pfzb. 2789 Kessel, Heinrich, Motoren, W. Berlin 15
Kaiserallee 202. T Kessel,
(s. Br. 607).
Wilh. 140	Kessel, Isr., Dr. jur., Badenallee 27.
Stpl. 1241	Kessel, Joh., Ingen., Schlüterstr. 24.
Uhld. 2347 Kessel, Max, Kfm., Grw., Cunowstr.
Hum. 2004 Kessel, M., Zigarr., Islandstr. 10.
Lzw. 1926 Kessel & Röhl, Granitschleiferei, W. 9.
Linkstr. 15. T Granitwerk P 60980
(s. Br. 971).
Uhld.(7097) Kessel & Schulze, Install., Wilmersd.
Kgst. 3373 Kesseler, W., Exp., Hufelandstr. 20.
